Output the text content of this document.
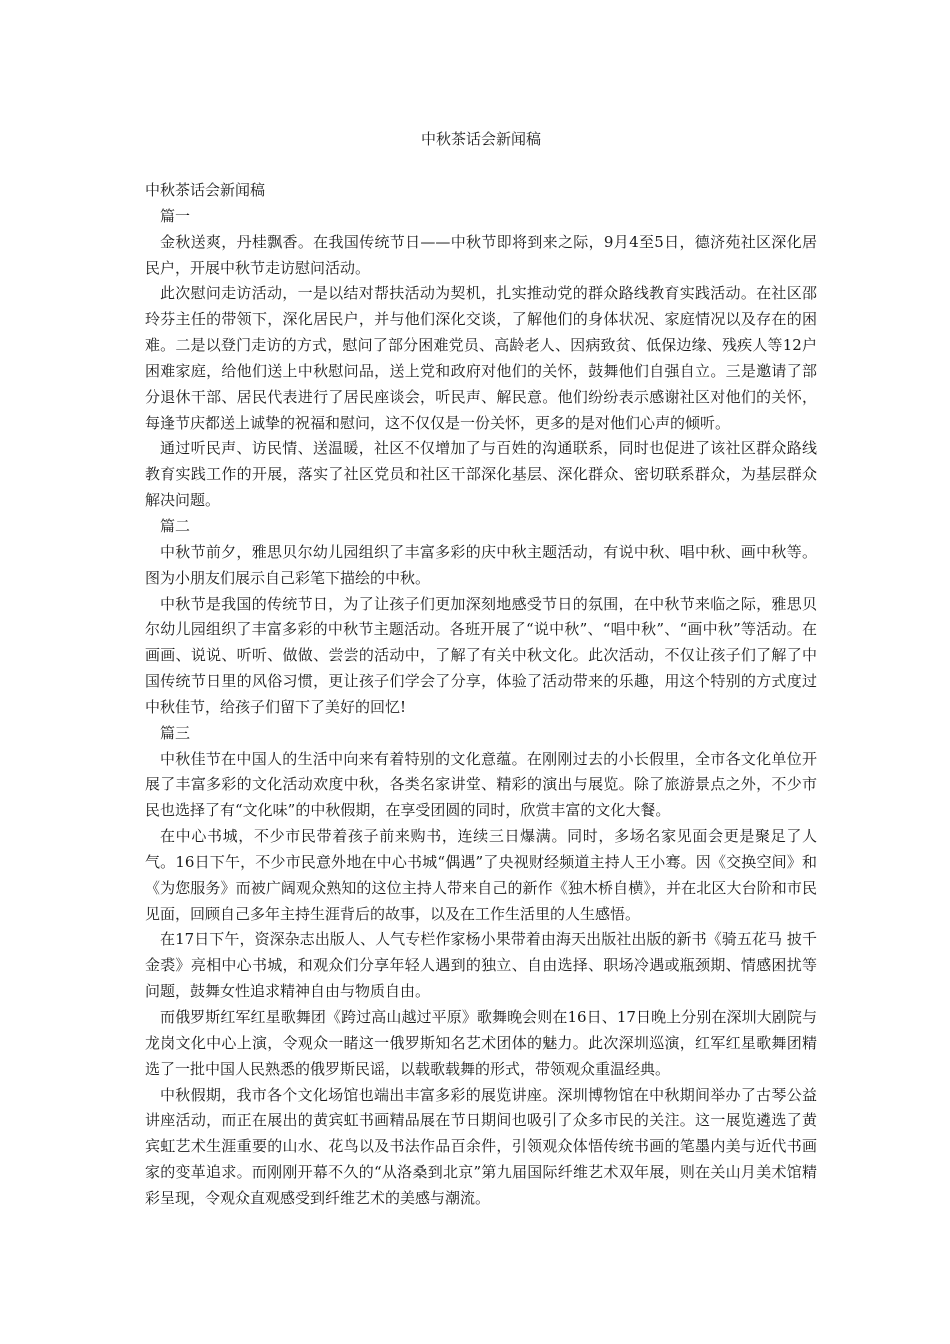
中秋茶话会新闻稿

中秋茶话会新闻稿

篇一

金秋送爽，丹桂飘香。在我国传统节日——中秋节即将到来之际，9月4至5日，德济苑社区深化居民户，开展中秋节走访慰问活动。

此次慰问走访活动，一是以结对帮扶活动为契机，扎实推动党的群众路线教育实践活动。在社区邵玲芬主任的带领下，深化居民户，并与他们深化交谈，了解他们的身体状况、家庭情况以及存在的困难。二是以登门走访的方式，慰问了部分困难党员、高龄老人、因病致贫、低保边缘、残疾人等12户困难家庭，给他们送上中秋慰问品，送上党和政府对他们的关怀，鼓舞他们自强自立。三是邀请了部分退休干部、居民代表进行了居民座谈会，听民声、解民意。他们纷纷表示感谢社区对他们的关怀，每逢节庆都送上诚挚的祝福和慰问，这不仅仅是一份关怀，更多的是对他们心声的倾听。

通过听民声、访民情、送温暖，社区不仅增加了与百姓的沟通联系，同时也促进了该社区群众路线教育实践工作的开展，落实了社区党员和社区干部深化基层、深化群众、密切联系群众，为基层群众解决问题。

篇二

中秋节前夕，雅思贝尔幼儿园组织了丰富多彩的庆中秋主题活动，有说中秋、唱中秋、画中秋等。图为小朋友们展示自己彩笔下描绘的中秋。

中秋节是我国的传统节日，为了让孩子们更加深刻地感受节日的氛围，在中秋节来临之际，雅思贝尔幼儿园组织了丰富多彩的中秋节主题活动。各班开展了“说中秋”、“唱中秋”、“画中秋”等活动。在画画、说说、听听、做做、尝尝的活动中，了解了有关中秋文化。此次活动，不仅让孩子们了解了中国传统节日里的风俗习惯，更让孩子们学会了分享，体验了活动带来的乐趣，用这个特别的方式度过中秋佳节，给孩子们留下了美好的回忆!

篇三

中秋佳节在中国人的生活中向来有着特别的文化意蕴。在刚刚过去的小长假里，全市各文化单位开展了丰富多彩的文化活动欢度中秋，各类名家讲堂、精彩的演出与展览。除了旅游景点之外，不少市民也选择了有“文化味”的中秋假期，在享受团圆的同时，欣赏丰富的文化大餐。

在中心书城，不少市民带着孩子前来购书，连续三日爆满。同时，多场名家见面会更是聚足了人气。16日下午，不少市民意外地在中心书城“偶遇”了央视财经频道主持人王小骞。因《交换空间》和《为您服务》而被广阔观众熟知的这位主持人带来自己的新作《独木桥自横》，并在北区大台阶和市民见面，回顾自己多年主持生涯背后的故事，以及在工作生活里的人生感悟。

在17日下午，资深杂志出版人、人气专栏作家杨小果带着由海天出版社出版的新书《骑五花马 披千金裘》亮相中心书城，和观众们分享年轻人遇到的独立、自由选择、职场冷遇或瓶颈期、情感困扰等问题，鼓舞女性追求精神自由与物质自由。

而俄罗斯红军红星歌舞团《跨过高山越过平原》歌舞晚会则在16日、17日晚上分别在深圳大剧院与龙岗文化中心上演，令观众一睹这一俄罗斯知名艺术团体的魅力。此次深圳巡演，红军红星歌舞团精选了一批中国人民熟悉的俄罗斯民谣，以载歌载舞的形式，带领观众重温经典。

中秋假期，我市各个文化场馆也端出丰富多彩的展览讲座。深圳博物馆在中秋期间举办了古琴公益讲座活动，而正在展出的黄宾虹书画精品展在节日期间也吸引了众多市民的关注。这一展览遴选了黄宾虹艺术生涯重要的山水、花鸟以及书法作品百余件，引领观众体悟传统书画的笔墨内美与近代书画家的变革追求。而刚刚开幕不久的“从洛桑到北京”第九届国际纤维艺术双年展，则在关山月美术馆精彩呈现，令观众直观感受到纤维艺术的美感与潮流。
